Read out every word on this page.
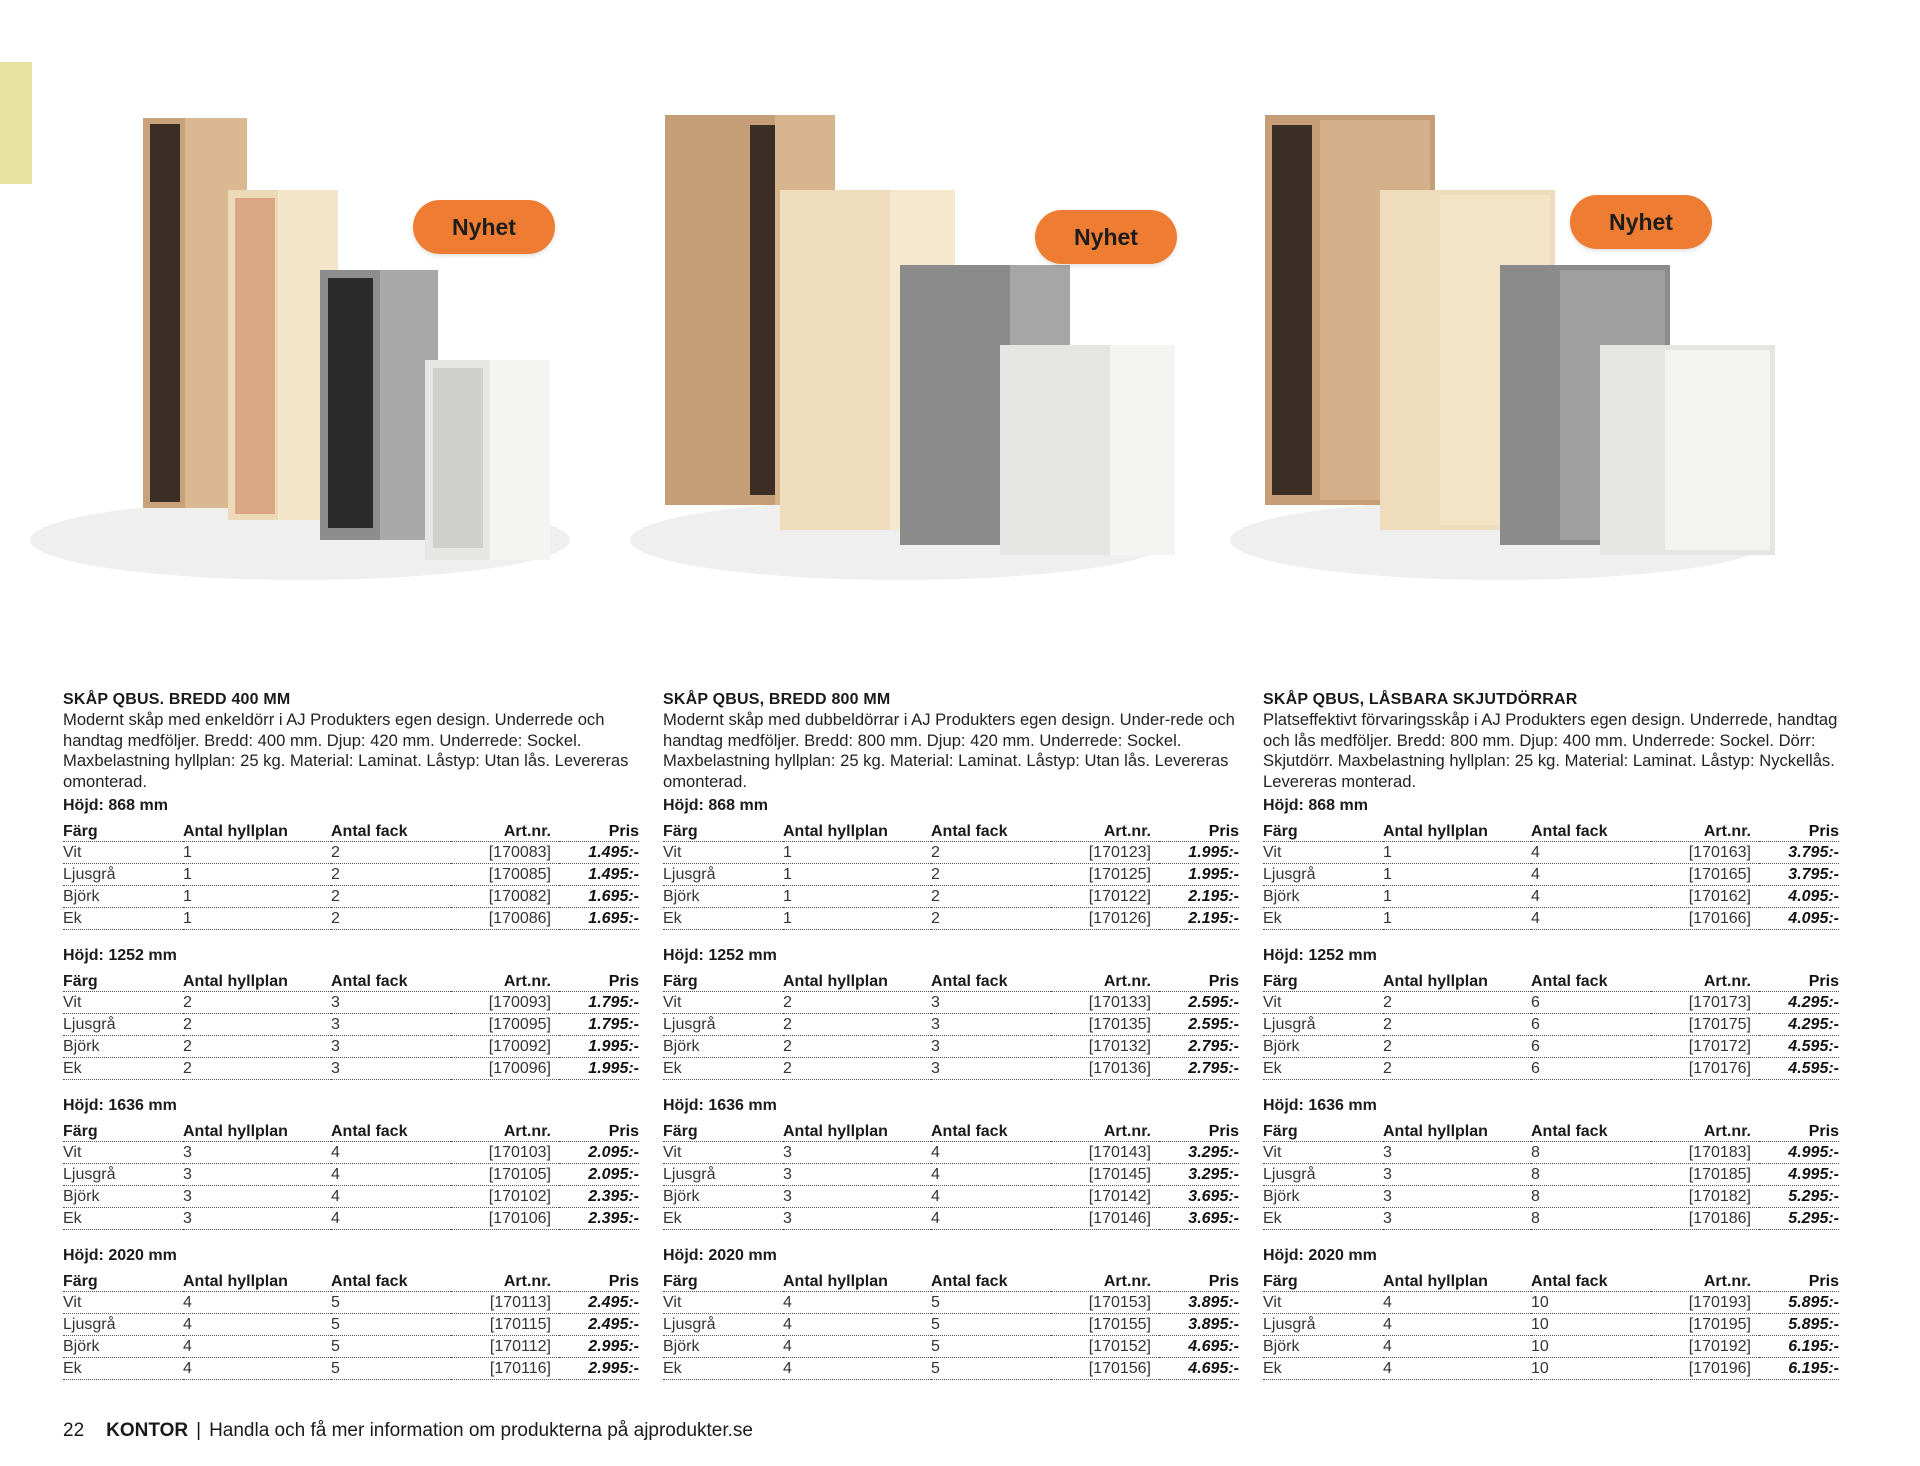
Nyhet
SKÅP QBUS. BREDD 400 MM

Modernt skåp med enkeldörr i AJ Produkters egen design. Underrede och handtag medföljer. Bredd: 400 mm. Djup: 420 mm. Underrede: Sockel. Maxbelastning hyllplan: 25 kg. Material: Laminat. Låstyp: Utan lås. Levereras omonterad.

Höjd: 868 mm
Färg	Antal hyllplan	Antal fack	Art.nr.	Pris
Vit	1	2	[170083]	1.495:-
Ljusgrå	1	2	[170085]	1.495:-
Björk	1	2	[170082]	1.695:-
Ek	1	2	[170086]	1.695:-
Höjd: 1252 mm
Färg	Antal hyllplan	Antal fack	Art.nr.	Pris
Vit	2	3	[170093]	1.795:-
Ljusgrå	2	3	[170095]	1.795:-
Björk	2	3	[170092]	1.995:-
Ek	2	3	[170096]	1.995:-
Höjd: 1636 mm
Färg	Antal hyllplan	Antal fack	Art.nr.	Pris
Vit	3	4	[170103]	2.095:-
Ljusgrå	3	4	[170105]	2.095:-
Björk	3	4	[170102]	2.395:-
Ek	3	4	[170106]	2.395:-
Höjd: 2020 mm
Färg	Antal hyllplan	Antal fack	Art.nr.	Pris
Vit	4	5	[170113]	2.495:-
Ljusgrå	4	5	[170115]	2.495:-
Björk	4	5	[170112]	2.995:-
Ek	4	5	[170116]	2.995:-
Nyhet
SKÅP QBUS, BREDD 800 MM

Modernt skåp med dubbeldörrar i AJ Produkters egen design. Under-rede och handtag medföljer. Bredd: 800 mm. Djup: 420 mm. Underrede: Sockel. Maxbelastning hyllplan: 25 kg. Material: Laminat. Låstyp: Utan lås. Levereras omonterad.

Höjd: 868 mm
Färg	Antal hyllplan	Antal fack	Art.nr.	Pris
Vit	1	2	[170123]	1.995:-
Ljusgrå	1	2	[170125]	1.995:-
Björk	1	2	[170122]	2.195:-
Ek	1	2	[170126]	2.195:-
Höjd: 1252 mm
Färg	Antal hyllplan	Antal fack	Art.nr.	Pris
Vit	2	3	[170133]	2.595:-
Ljusgrå	2	3	[170135]	2.595:-
Björk	2	3	[170132]	2.795:-
Ek	2	3	[170136]	2.795:-
Höjd: 1636 mm
Färg	Antal hyllplan	Antal fack	Art.nr.	Pris
Vit	3	4	[170143]	3.295:-
Ljusgrå	3	4	[170145]	3.295:-
Björk	3	4	[170142]	3.695:-
Ek	3	4	[170146]	3.695:-
Höjd: 2020 mm
Färg	Antal hyllplan	Antal fack	Art.nr.	Pris
Vit	4	5	[170153]	3.895:-
Ljusgrå	4	5	[170155]	3.895:-
Björk	4	5	[170152]	4.695:-
Ek	4	5	[170156]	4.695:-
Nyhet
SKÅP QBUS, LÅSBARA SKJUTDÖRRAR

Platseffektivt förvaringsskåp i AJ Produkters egen design. Underrede, handtag och lås medföljer. Bredd: 800 mm. Djup: 400 mm. Underrede: Sockel. Dörr: Skjutdörr. Maxbelastning hyllplan: 25 kg. Material: Laminat. Låstyp: Nyckellås. Levereras monterad.

Höjd: 868 mm
Färg	Antal hyllplan	Antal fack	Art.nr.	Pris
Vit	1	4	[170163]	3.795:-
Ljusgrå	1	4	[170165]	3.795:-
Björk	1	4	[170162]	4.095:-
Ek	1	4	[170166]	4.095:-
Höjd: 1252 mm
Färg	Antal hyllplan	Antal fack	Art.nr.	Pris
Vit	2	6	[170173]	4.295:-
Ljusgrå	2	6	[170175]	4.295:-
Björk	2	6	[170172]	4.595:-
Ek	2	6	[170176]	4.595:-
Höjd: 1636 mm
Färg	Antal hyllplan	Antal fack	Art.nr.	Pris
Vit	3	8	[170183]	4.995:-
Ljusgrå	3	8	[170185]	4.995:-
Björk	3	8	[170182]	5.295:-
Ek	3	8	[170186]	5.295:-
Höjd: 2020 mm
Färg	Antal hyllplan	Antal fack	Art.nr.	Pris
Vit	4	10	[170193]	5.895:-
Ljusgrå	4	10	[170195]	5.895:-
Björk	4	10	[170192]	6.195:-
Ek	4	10	[170196]	6.195:-
22 KONTOR | Handla och få mer information om produkterna på ajprodukter.se
